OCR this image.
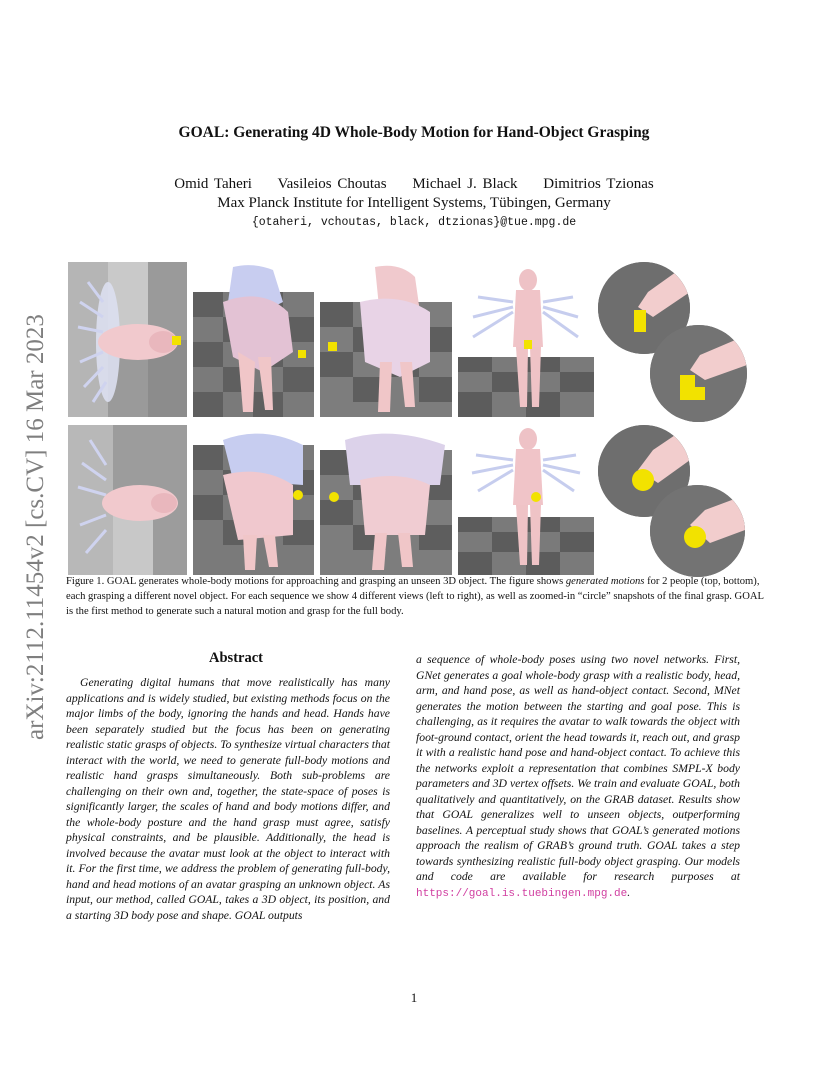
GOAL: Generating 4D Whole-Body Motion for Hand-Object Grasping
Omid Taheri Vasileios Choutas Michael J. Black Dimitrios Tzionas
Max Planck Institute for Intelligent Systems, Tübingen, Germany
{otaheri, vchoutas, black, dtzionas}@tue.mpg.de
arXiv:2112.11454v2 [cs.CV] 16 Mar 2023 Figure 1. GOAL generates whole-body motions for approaching and grasping an unseen 3D object. The figure shows generated motions for 2 people (top, bottom), each grasping a different novel object. For each sequence we show 4 different views (left to right), as well as zoomed-in “circle” snapshots of the final grasp. GOAL is the first method to generate such a natural motion and grasp for the full body.
Abstract
Generating digital humans that move realistically has many applications and is widely studied, but existing methods focus on the major limbs of the body, ignoring the hands and head. Hands have been separately studied but the focus has been on generating realistic static grasps of objects. To synthesize virtual characters that interact with the world, we need to generate full-body motions and realistic hand grasps simultaneously. Both sub-problems are challenging on their own and, together, the state-space of poses is significantly larger, the scales of hand and body motions differ, and the whole-body posture and the hand grasp must agree, satisfy physical constraints, and be plausible. Additionally, the head is involved because the avatar must look at the object to interact with it. For the first time, we address the problem of generating full-body, hand and head motions of an avatar grasping an unknown object. As input, our method, called GOAL, takes a 3D object, its position, and a starting 3D body pose and shape. GOAL outputs
a sequence of whole-body poses using two novel networks. First, GNet generates a goal whole-body grasp with a realistic body, head, arm, and hand pose, as well as hand-object contact. Second, MNet generates the motion between the starting and goal pose. This is challenging, as it requires the avatar to walk towards the object with foot-ground contact, orient the head towards it, reach out, and grasp it with a realistic hand pose and hand-object contact. To achieve this the networks exploit a representation that combines SMPL-X body parameters and 3D vertex offsets. We train and evaluate GOAL, both qualitatively and quantitatively, on the GRAB dataset. Results show that GOAL generalizes well to unseen objects, outperforming baselines. A perceptual study shows that GOAL’s generated motions approach the realism of GRAB’s ground truth. GOAL takes a step towards synthesizing realistic full-body object grasping. Our models and code are available for research purposes at https://goal.is.tuebingen.mpg.de.
1
